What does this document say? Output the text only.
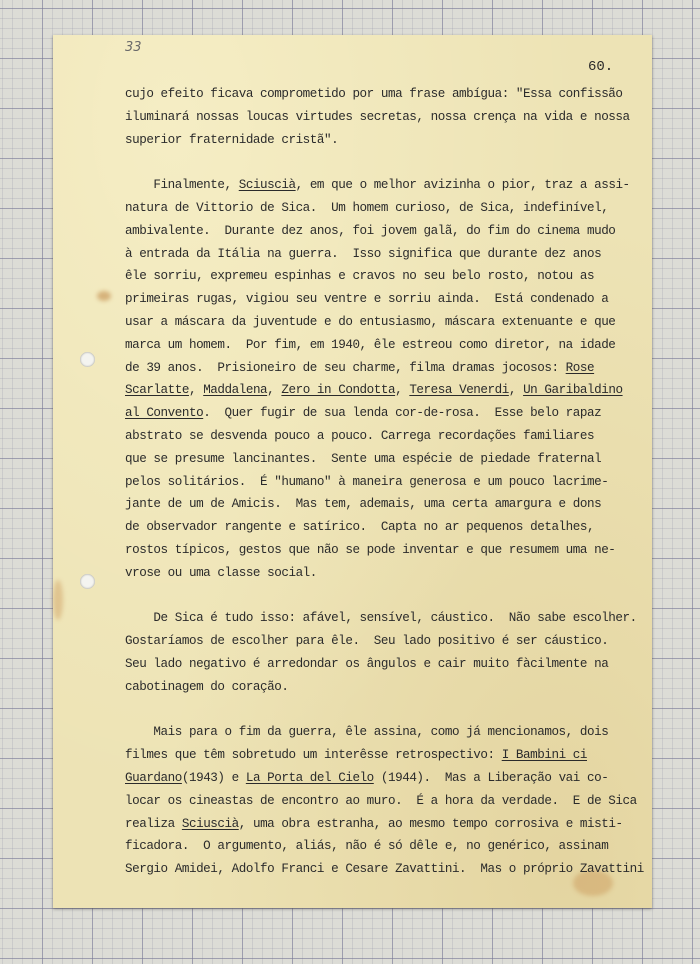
33
60.
cujo efeito ficava comprometido por uma frase ambígua: "Essa confissão
iluminará nossas loucas virtudes secretas, nossa crença na vida e nossa
superior fraternidade cristã".
Finalmente, Sciuscià, em que o melhor avizinha o pior, traz a assi-
natura de Vittorio de Sica.  Um homem curioso, de Sica, indefinível,
ambivalente.  Durante dez anos, foi jovem galã, do fim do cinema mudo
à entrada da Itália na guerra.  Isso significa que durante dez anos
êle sorriu, expremeu espinhas e cravos no seu belo rosto, notou as
primeiras rugas, vigiou seu ventre e sorriu ainda.  Está condenado a
usar a máscara da juventude e do entusiasmo, máscara extenuante e que
marca um homem.  Por fim, em 1940, êle estreou como diretor, na idade
de 39 anos.  Prisioneiro de seu charme, filma dramas jocosos: Rose
Scarlatte, Maddalena, Zero in Condotta, Teresa Venerdi, Un Garibaldino
al Convento.  Quer fugir de sua lenda cor-de-rosa.  Esse belo rapaz
abstrato se desvenda pouco a pouco. Carrega recordações familiares
que se presume lancinantes.  Sente uma espécie de piedade fraternal
pelos solitários.  É "humano" à maneira generosa e um pouco lacrime-
jante de um de Amicis.  Mas tem, ademais, uma certa amargura e dons
de observador rangente e satírico.  Capta no ar pequenos detalhes,
rostos típicos, gestos que não se pode inventar e que resumem uma ne-
vrose ou uma classe social.
De Sica é tudo isso: afável, sensível, cáustico.  Não sabe escolher.
Gostaríamos de escolher para êle.  Seu lado positivo é ser cáustico.
Seu lado negativo é arredondar os ângulos e cair muito fàcilmente na
cabotinagem do coração.
Mais para o fim da guerra, êle assina, como já mencionamos, dois
filmes que têm sobretudo um interêsse retrospectivo: I Bambini ci
Guardano(1943) e La Porta del Cielo (1944).  Mas a Liberação vai co-
locar os cineastas de encontro ao muro.  É a hora da verdade.  E de Sica
realiza Sciuscià, uma obra estranha, ao mesmo tempo corrosiva e misti-
ficadora.  O argumento, aliás, não é só dêle e, no genérico, assinam
Sergio Amidei, Adolfo Franci e Cesare Zavattini.  Mas o próprio Zavattini
